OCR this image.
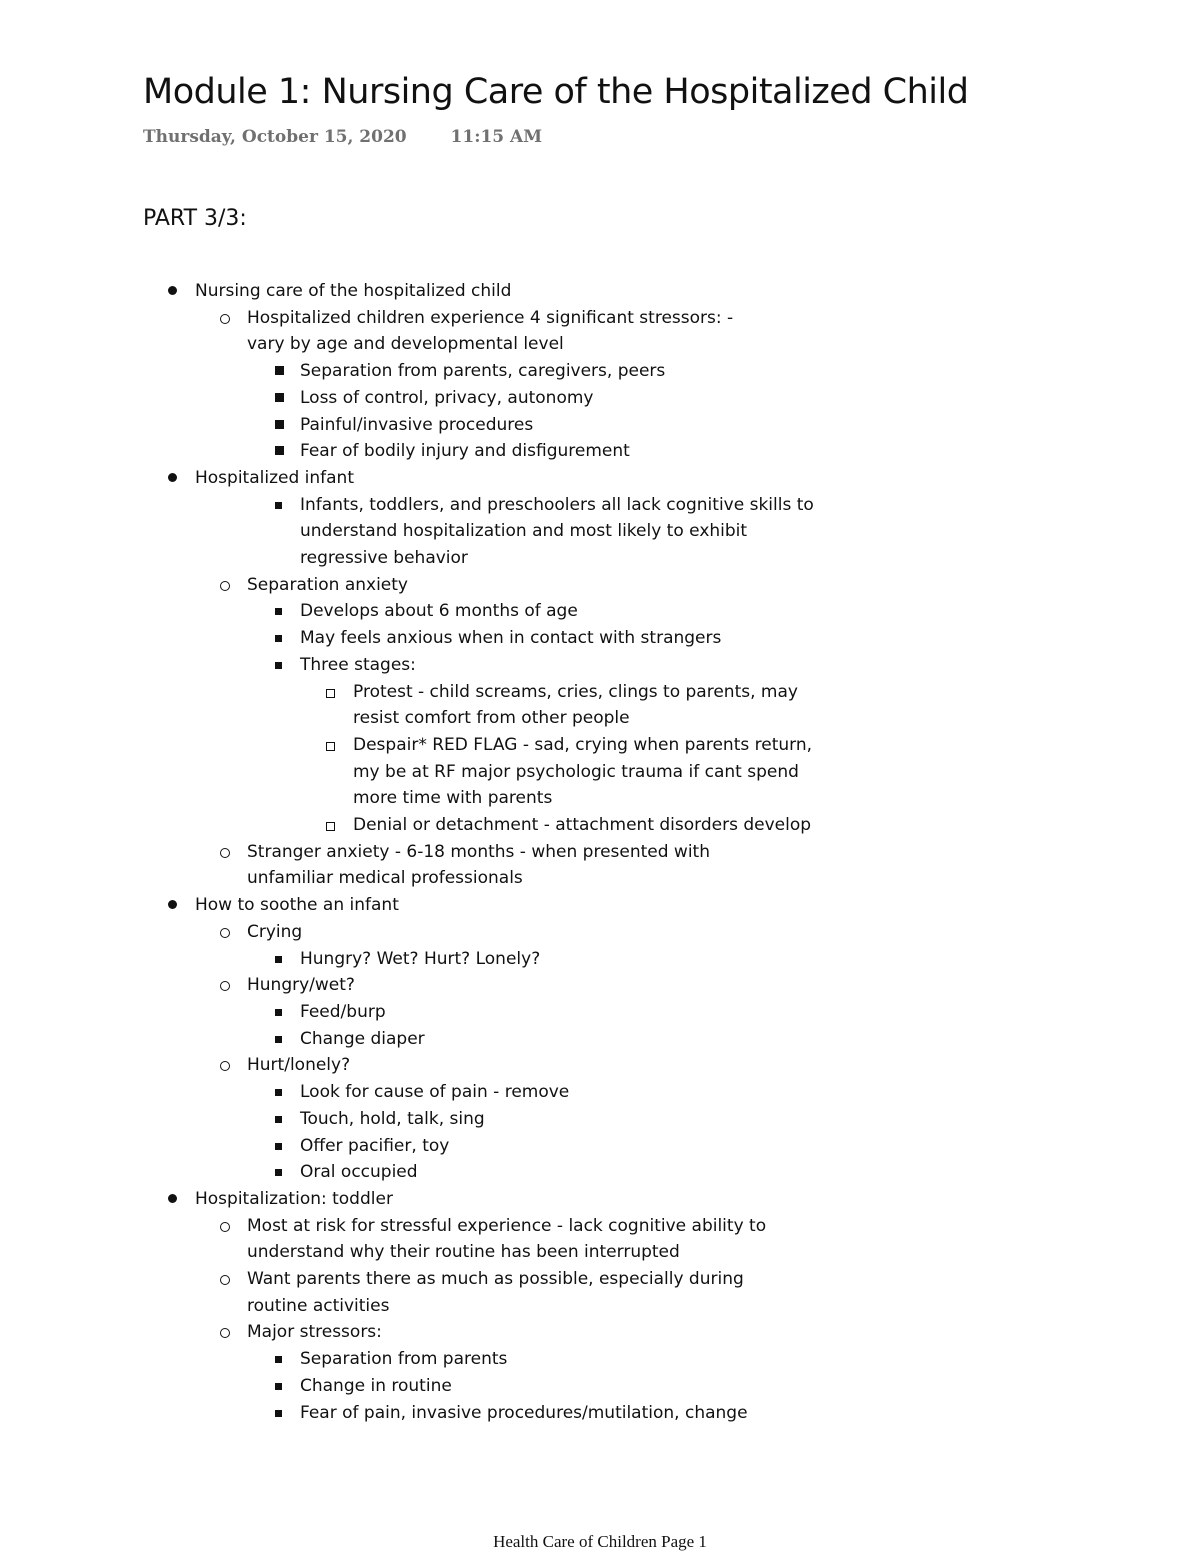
Module 1: Nursing Care of the Hospitalized Child
Thursday, October 15, 2020	11:15 AM
PART 3/3:
Nursing care of the hospitalized child
Hospitalized children experience 4 significant stressors: - vary by age and developmental level
Separation from parents, caregivers, peers
Loss of control, privacy, autonomy
Painful/invasive procedures
Fear of bodily injury and disfigurement
Hospitalized infant
Infants, toddlers, and preschoolers all lack cognitive skills to understand hospitalization and most likely to exhibit regressive behavior
Separation anxiety
Develops about 6 months of age
May feels anxious when in contact with strangers
Three stages:
Protest - child screams, cries, clings to parents, may resist comfort from other people
Despair* RED FLAG - sad, crying when parents return, my be at RF major psychologic trauma if cant spend more time with parents
Denial or detachment - attachment disorders develop
Stranger anxiety - 6-18 months - when presented with unfamiliar medical professionals
How to soothe an infant
Crying
Hungry? Wet? Hurt? Lonely?
Hungry/wet?
Feed/burp
Change diaper
Hurt/lonely?
Look for cause of pain - remove
Touch, hold, talk, sing
Offer pacifier, toy
Oral occupied
Hospitalization: toddler
Most at risk for stressful experience - lack cognitive ability to understand why their routine has been interrupted
Want parents there as much as possible, especially during routine activities
Major stressors:
Separation from parents
Change in routine
Fear of pain, invasive procedures/mutilation, change
Health Care of Children Page 1
